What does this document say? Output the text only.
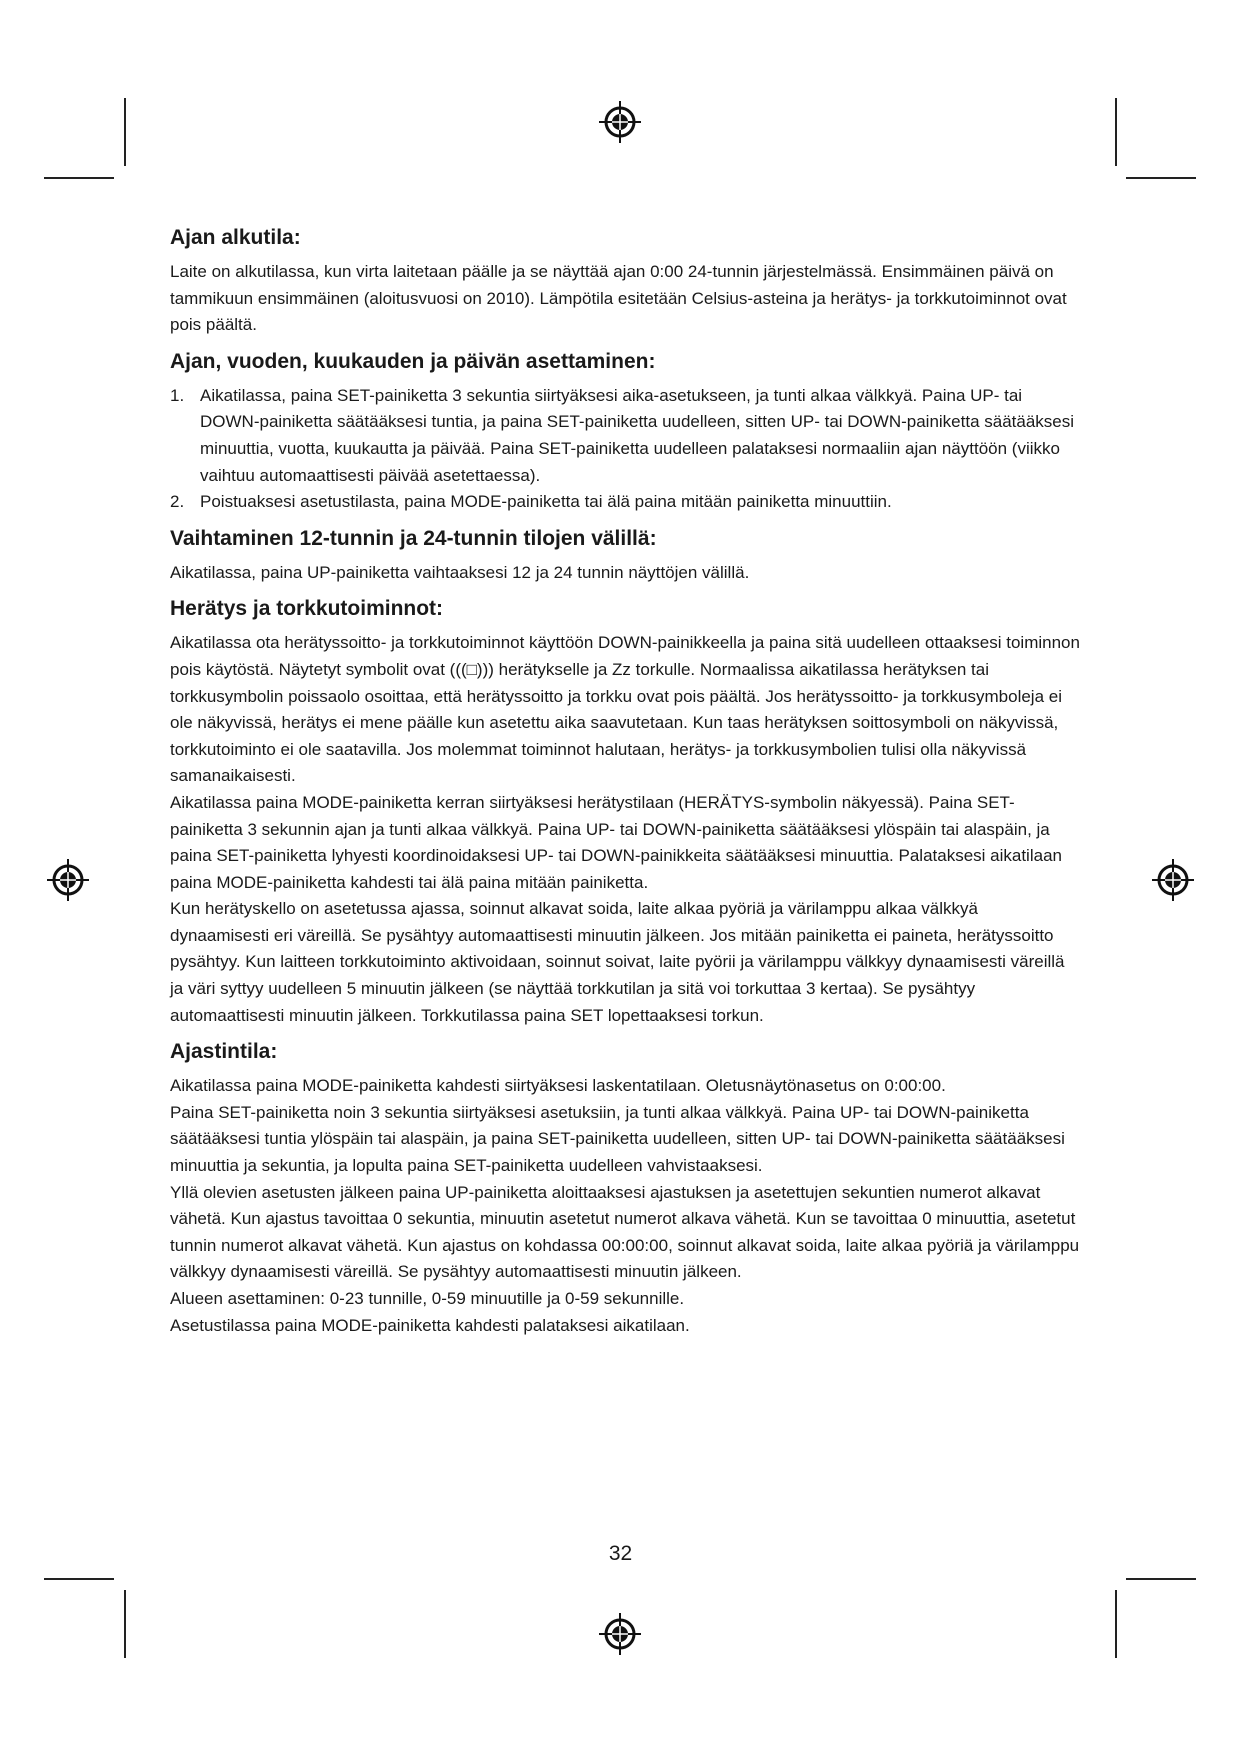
Ajan alkutila:

Laite on alkutilassa, kun virta laitetaan päälle ja se näyttää ajan 0:00 24-tunnin järjestelmässä. Ensimmäinen päivä on tammikuun ensimmäinen (aloitusvuosi on 2010). Lämpötila esitetään Celsius-asteina ja herätys- ja torkkutoiminnot ovat pois päältä.

Ajan, vuoden, kuukauden ja päivän asettaminen:
1. Aikatilassa, paina SET-painiketta 3 sekuntia siirtyäksesi aika-asetukseen, ja tunti alkaa välkkyä. Paina UP- tai DOWN-painiketta säätääksesi tuntia, ja paina SET-painiketta uudelleen, sitten UP- tai DOWN-painiketta säätääksesi minuuttia, vuotta, kuukautta ja päivää. Paina SET-painiketta uudelleen palataksesi normaaliin ajan näyttöön (viikko vaihtuu automaattisesti päivää asetettaessa).
2. Poistuaksesi asetustilasta, paina MODE-painiketta tai älä paina mitään painiketta minuuttiin.
Vaihtaminen 12-tunnin ja 24-tunnin tilojen välillä:

Aikatilassa, paina UP-painiketta vaihtaaksesi 12 ja 24 tunnin näyttöjen välillä.

Herätys ja torkkutoiminnot:

Aikatilassa ota herätyssoitto- ja torkkutoiminnot käyttöön DOWN-painikkeella ja paina sitä uudelleen ottaaksesi toiminnon pois käytöstä. Näytetyt symbolit ovat (((□))) herätykselle ja Zz torkulle. Normaalissa aikatilassa herätyksen tai torkkusymbolin poissaolo osoittaa, että herätyssoitto ja torkku ovat pois päältä. Jos herätyssoitto- ja torkkusymboleja ei ole näkyvissä, herätys ei mene päälle kun asetettu aika saavutetaan. Kun taas herätyksen soittosymboli on näkyvissä, torkkutoiminto ei ole saatavilla. Jos molemmat toiminnot halutaan, herätys- ja torkkusymbolien tulisi olla näkyvissä samanaikaisesti.

Aikatilassa paina MODE-painiketta kerran siirtyäksesi herätystilaan (HERÄTYS-symbolin näkyessä). Paina SET-painiketta 3 sekunnin ajan ja tunti alkaa välkkyä. Paina UP- tai DOWN-painiketta säätääksesi ylöspäin tai alaspäin, ja paina SET-painiketta lyhyesti koordinoidaksesi UP- tai DOWN-painikkeita säätääksesi minuuttia. Palataksesi aikatilaan paina MODE-painiketta kahdesti tai älä paina mitään painiketta.

Kun herätyskello on asetetussa ajassa, soinnut alkavat soida, laite alkaa pyöriä ja värilamppu alkaa välkkyä dynaamisesti eri väreillä. Se pysähtyy automaattisesti minuutin jälkeen. Jos mitään painiketta ei paineta, herätyssoitto pysähtyy. Kun laitteen torkkutoiminto aktivoidaan, soinnut soivat, laite pyörii ja värilamppu välkkyy dynaamisesti väreillä ja väri syttyy uudelleen 5 minuutin jälkeen (se näyttää torkkutilan ja sitä voi torkuttaa 3 kertaa). Se pysähtyy automaattisesti minuutin jälkeen. Torkkutilassa paina SET lopettaaksesi torkun.

Ajastintila:

Aikatilassa paina MODE-painiketta kahdesti siirtyäksesi laskentatilaan. Oletusnäytönasetus on 0:00:00.

Paina SET-painiketta noin 3 sekuntia siirtyäksesi asetuksiin, ja tunti alkaa välkkyä. Paina UP- tai DOWN-painiketta säätääksesi tuntia ylöspäin tai alaspäin, ja paina SET-painiketta uudelleen, sitten UP- tai DOWN-painiketta säätääksesi minuuttia ja sekuntia, ja lopulta paina SET-painiketta uudelleen vahvistaaksesi.

Yllä olevien asetusten jälkeen paina UP-painiketta aloittaaksesi ajastuksen ja asetettujen sekuntien numerot alkavat vähetä. Kun ajastus tavoittaa 0 sekuntia, minuutin asetetut numerot alkava vähetä. Kun se tavoittaa 0 minuuttia, asetetut tunnin numerot alkavat vähetä. Kun ajastus on kohdassa 00:00:00, soinnut alkavat soida, laite alkaa pyöriä ja värilamppu välkkyy dynaamisesti väreillä. Se pysähtyy automaattisesti minuutin jälkeen.

Alueen asettaminen: 0-23 tunnille, 0-59 minuutille ja 0-59 sekunnille.

Asetustilassa paina MODE-painiketta kahdesti palataksesi aikatilaan.

32
